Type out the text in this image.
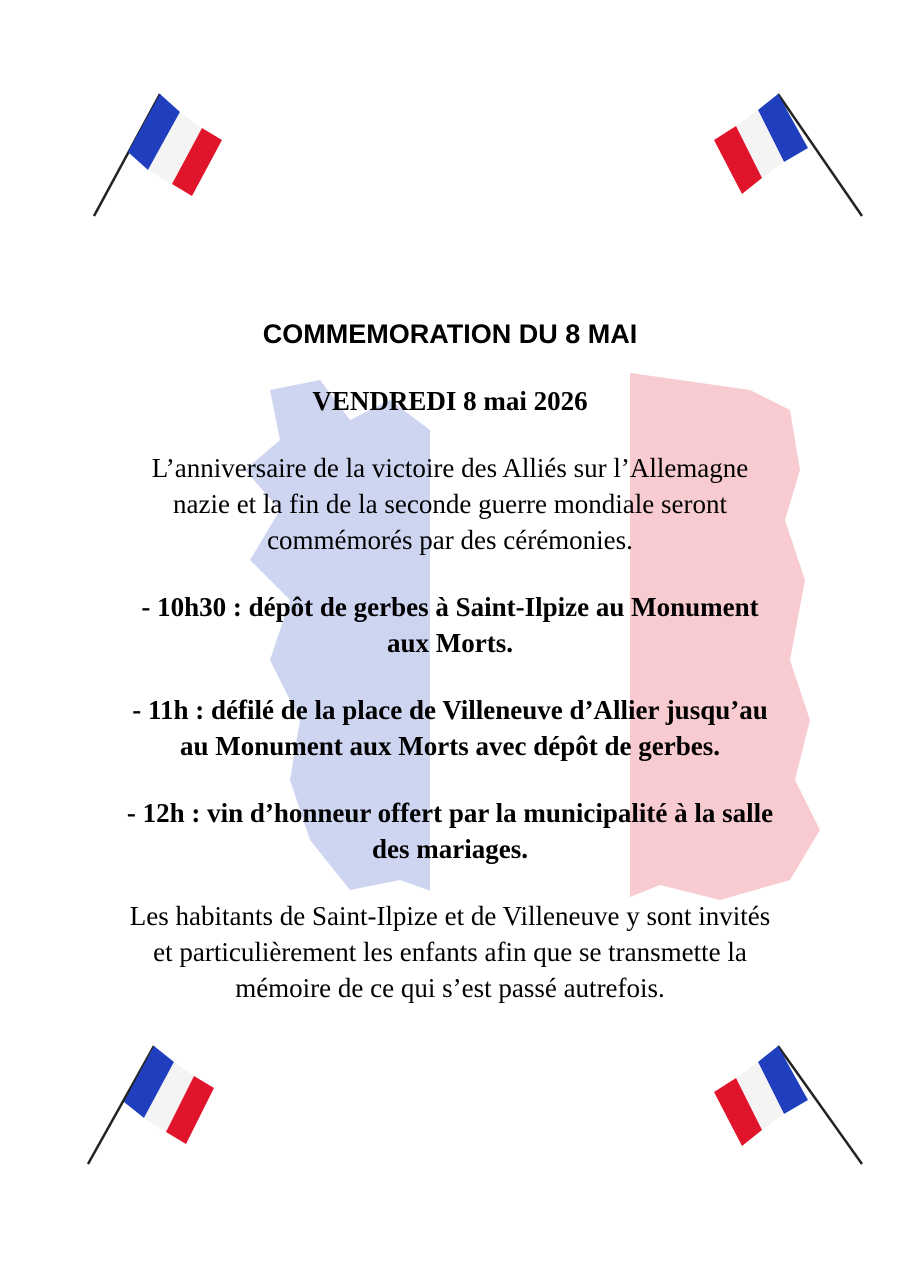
COMMEMORATION DU 8 MAI
VENDREDI 8 mai 2026
L’anniversaire de la victoire des Alliés sur l’Allemagne
nazie et la fin de la seconde guerre mondiale seront
commémorés par des cérémonies.
- 10h30 : dépôt de gerbes à Saint-Ilpize au Monument
aux Morts.
- 11h : défilé de la place de Villeneuve d’Allier jusqu’au
au Monument aux Morts avec dépôt de gerbes.
- 12h : vin d’honneur offert par la municipalité à la salle
des mariages.
Les habitants de Saint-Ilpize et de Villeneuve y sont invités
et particulièrement les enfants afin que se transmette la
mémoire de ce qui s’est passé autrefois.
